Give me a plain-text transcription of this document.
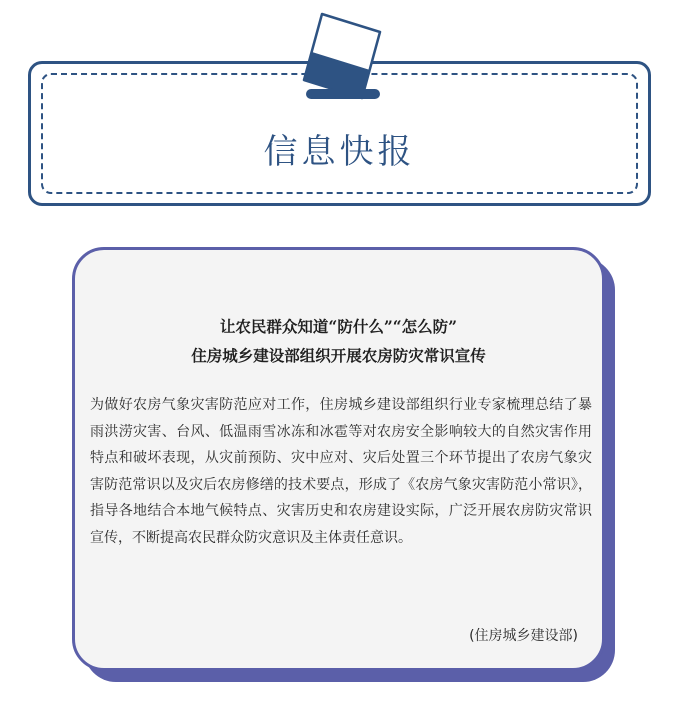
信息快报
让农民群众知道“防什么”“怎么防”
住房城乡建设部组织开展农房防灾常识宣传
为做好农房气象灾害防范应对工作，住房城乡建设部组织行业专家梳理总结了暴雨洪涝灾害、台风、低温雨雪冰冻和冰雹等对农房安全影响较大的自然灾害作用特点和破坏表现，从灾前预防、灾中应对、灾后处置三个环节提出了农房气象灾害防范常识以及灾后农房修缮的技术要点，形成了《农房气象灾害防范小常识》，指导各地结合本地气候特点、灾害历史和农房建设实际，广泛开展农房防灾常识宣传，不断提高农民群众防灾意识及主体责任意识。
(住房城乡建设部)
